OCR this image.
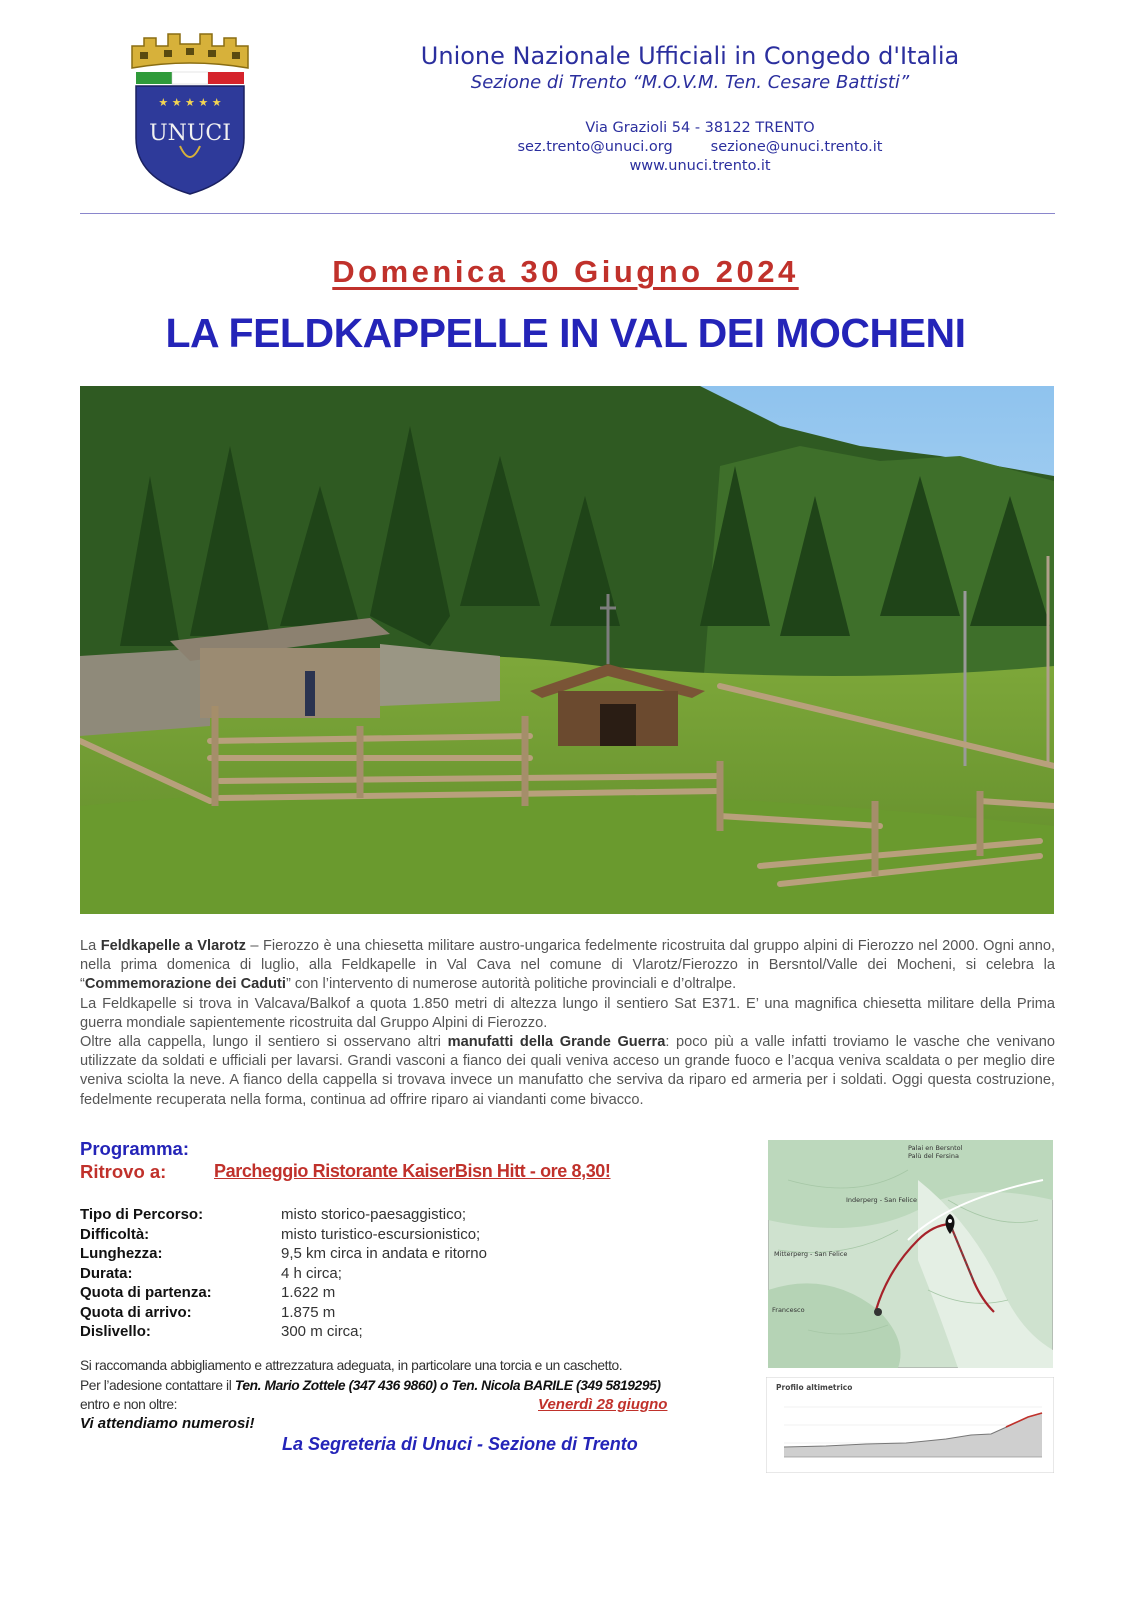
★ ★ ★ ★ ★
UNUCI
Unione Nazionale Ufficiali in Congedo d'Italia
Sezione di Trento “M.O.V.M. Ten. Cesare Battisti”
Via Grazioli 54 - 38122 TRENTO
sez.trento@unuci.org	sezione@unuci.trento.it
www.unuci.trento.it
Domenica 30 Giugno 2024
LA FELDKAPPELLE IN VAL DEI MOCHENI

La Feldkapelle a Vlarotz – Fierozzo è una chiesetta militare austro-ungarica fedelmente ricostruita dal gruppo alpini di Fierozzo nel 2000. Ogni anno, nella prima domenica di luglio, alla Feldkapelle in Val Cava nel comune di Vlarotz/Fierozzo in Bersntol/Valle dei Mocheni, si celebra la “Commemorazione dei Caduti” con l’intervento di numerose autorità politiche provinciali e d’oltralpe.

La Feldkapelle si trova in Valcava/Balkof a quota 1.850 metri di altezza lungo il sentiero Sat E371. E’ una magnifica chiesetta militare della Prima guerra mondiale sapientemente ricostruita dal Gruppo Alpini di Fierozzo.

Oltre alla cappella, lungo il sentiero si osservano altri manufatti della Grande Guerra: poco più a valle infatti troviamo le vasche che venivano utilizzate da soldati e ufficiali per lavarsi. Grandi vasconi a fianco dei quali veniva acceso un grande fuoco e l’acqua veniva scaldata o per meglio dire veniva sciolta la neve. A fianco della cappella si trovava invece un manufatto che serviva da riparo ed armeria per i soldati. Oggi questa costruzione, fedelmente recuperata nella forma, continua ad offrire riparo ai viandanti come bivacco.

Programma:
Ritrovo a:	Parcheggio Ristorante KaiserBisn Hitt - ore 8,30!
Tipo di Percorso:	misto storico-paesaggistico;
Difficoltà:	misto turistico-escursionistico;
Lunghezza:	9,5 km circa in andata e ritorno
Durata:	4 h circa;
Quota di partenza:	1.622 m
Quota di arrivo:	1.875 m
Dislivello:	300 m circa;
Si raccomanda abbigliamento e attrezzatura adeguata, in particolare una torcia e un caschetto.
Per l’adesione contattare il Ten. Mario Zottele (347 436 9860) o Ten. Nicola BARILE (349 5819295)
entro e non oltre:	Venerdì 28 giugno
Vi attendiamo numerosi!
La Segreteria di Unuci - Sezione di Trento
Palai en Bersntol
Palù del Fersina
Inderperg - San Felice
Mitterperg - San Felice
Francesco
Profilo altimetrico
